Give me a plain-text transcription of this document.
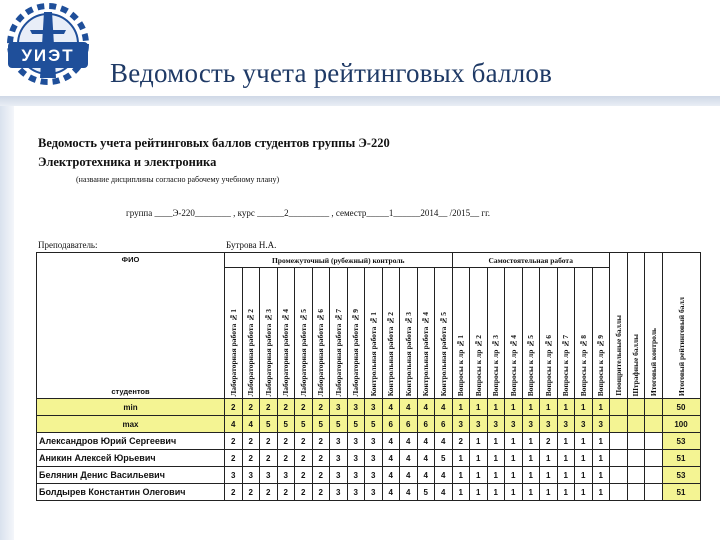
УИЭТ
Ведомость учета рейтинговых баллов
Ведомость учета рейтинговых баллов студентов группы Э-220
Электротехника и электроника
(название дисциплины согласно рабочему учебному плану)
группа ____Э-220________ , курс ______2_________ , семестр_____1______2014__ /2015__ гг.
Преподаватель:	Бутрова Н.А.
ФИО
студентов	Промежуточный (рубежный) контроль													Самостоятельная работа									Поощрительные баллы	Штрафные баллы	Итоговый контроль	Итоговый рейтинговый балл
	Лабораторная работа №1	Лабораторная работа №2	Лабораторная работа №3	Лабораторная работа №4	Лабораторная работа №5	Лабораторная работа №6	Лабораторная работа №7	Лабораторная работа №9	Контрольная работа №1	Контрольная работа №2	Контрольная работа №3	Контрольная работа №4	Контрольная работа №5	Вопросы к лр №1	Вопросы к лр №2	Вопросы к лр №3	Вопросы к лр №4	Вопросы к лр №5	Вопросы к лр №6	Вопросы к лр №7	Вопросы к лр №8	Вопросы к лр №9				
min	2	2	2	2	2	2	3	3	3	4	4	4	4	1	1	1	1	1	1	1	1	1				50
max	4	4	5	5	5	5	5	5	5	6	6	6	6	3	3	3	3	3	3	3	3	3				100
Александров Юрий Сергеевич	2	2	2	2	2	2	3	3	3	4	4	4	4	2	1	1	1	1	2	1	1	1				53
Аникин Алексей Юрьевич	2	2	2	2	2	2	3	3	3	4	4	4	5	1	1	1	1	1	1	1	1	1				51
Белянин Денис Васильевич	3	3	3	3	2	2	3	3	3	4	4	4	4	1	1	1	1	1	1	1	1	1				53
Болдырев Константин Олегович	2	2	2	2	2	2	3	3	3	4	4	5	4	1	1	1	1	1	1	1	1	1				51
